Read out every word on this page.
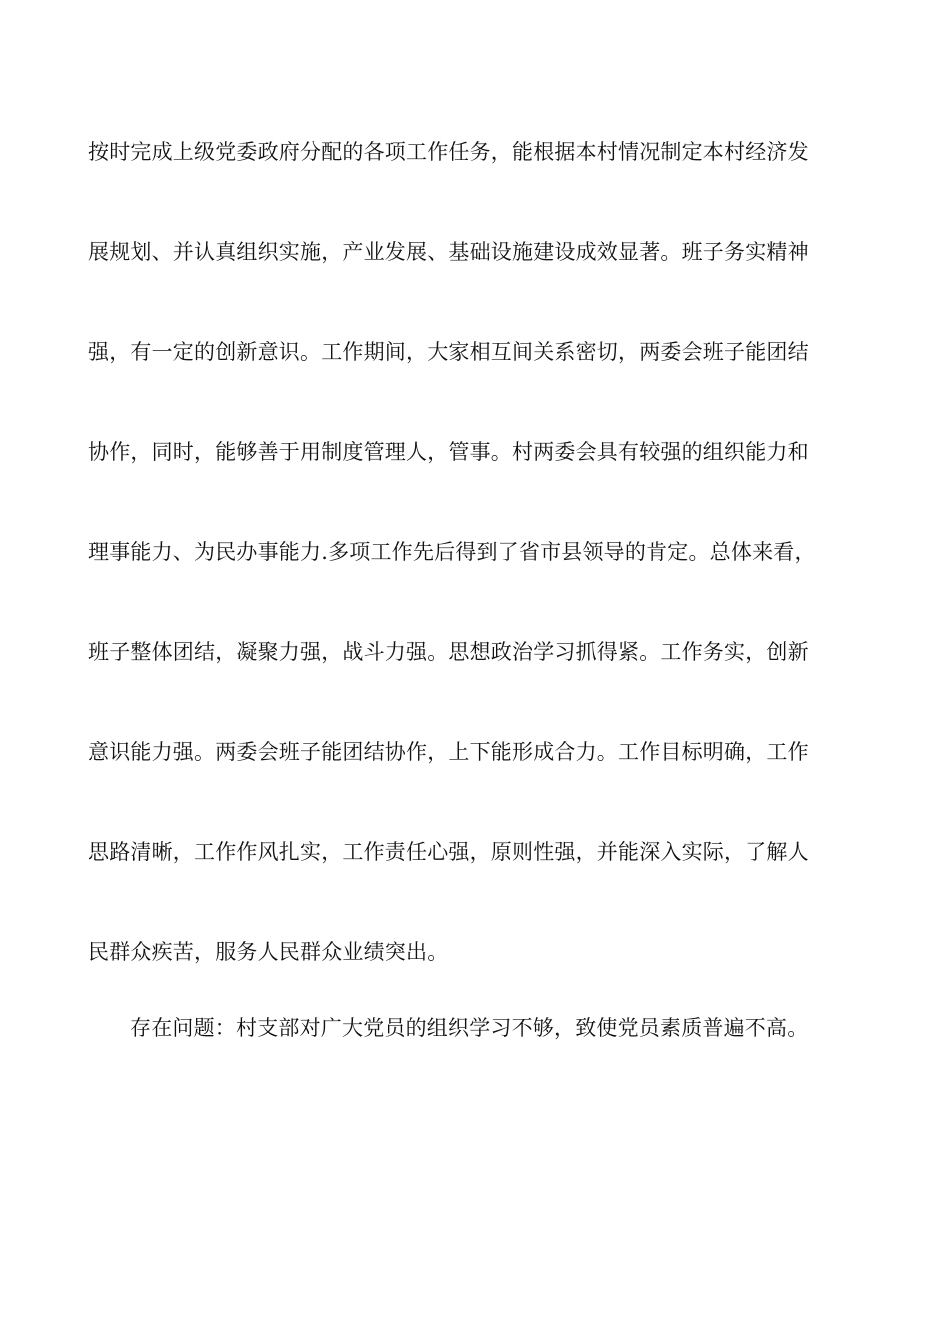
按时完成上级党委政府分配的各项工作任务，能根据本村情况制定本村经济发
展规划、并认真组织实施，产业发展、基础设施建设成效显著。班子务实精神
强，有一定的创新意识。工作期间，大家相互间关系密切，两委会班子能团结
协作，同时，能够善于用制度管理人，管事。村两委会具有较强的组织能力和
理事能力、为民办事能力.多项工作先后得到了省市县领导的肯定。总体来看，
班子整体团结，凝聚力强，战斗力强。思想政治学习抓得紧。工作务实，创新
意识能力强。两委会班子能团结协作，上下能形成合力。工作目标明确，工作
思路清晰，工作作风扎实，工作责任心强，原则性强，并能深入实际，了解人
民群众疾苦，服务人民群众业绩突出。
存在问题：村支部对广大党员的组织学习不够，致使党员素质普遍不高。
